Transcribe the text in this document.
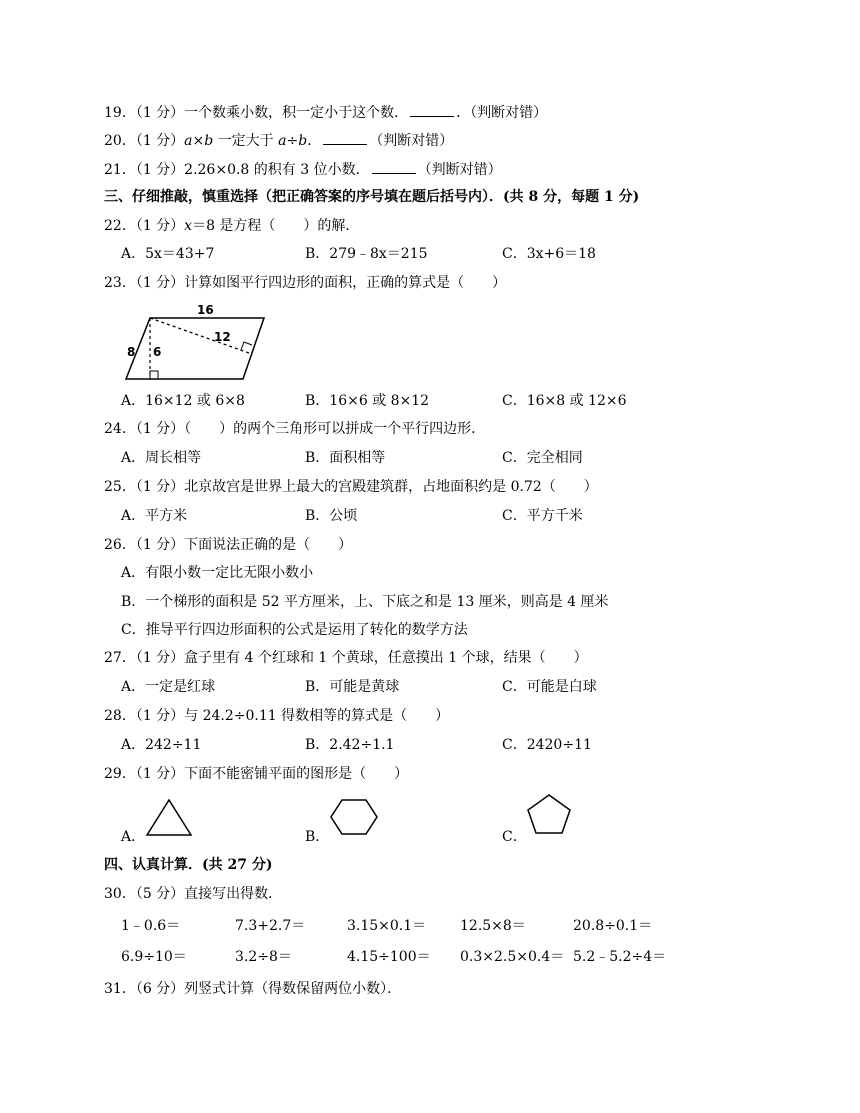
19．（1 分）一个数乘小数，积一定小于这个数．	．（判断对错）
20．（1 分）a×b 一定大于 a÷b．	（判断对错）
21．（1 分）2.26×0.8 的积有 3 位小数．	（判断对错）
三、仔细推敲，慎重选择（把正确答案的序号填在题后括号内）．(共 8 分，每题 1 分)
22．（1 分）x＝8 是方程（　　）的解．
A．5x＝43+7	B．279﹣8x＝215	C．3x+6＝18
23．（1 分）计算如图平行四边形的面积，正确的算式是（　　）
16
12
8 6
A．16×12 或 6×8	B．16×6 或 8×12	C．16×8 或 12×6
24．（1 分）（　　）的两个三角形可以拼成一个平行四边形．
A．周长相等	B．面积相等	C．完全相同
25．（1 分）北京故宫是世界上最大的宫殿建筑群，占地面积约是 0.72（　　）
A．平方米	B．公顷	C．平方千米
26．（1 分）下面说法正确的是（　　）
A．有限小数一定比无限小数小
B．一个梯形的面积是 52 平方厘米，上、下底之和是 13 厘米，则高是 4 厘米
C．推导平行四边形面积的公式是运用了转化的数学方法
27．（1 分）盒子里有 4 个红球和 1 个黄球，任意摸出 1 个球，结果（　　）
A．一定是红球	B．可能是黄球	C．可能是白球
28．（1 分）与 24.2÷0.11 得数相等的算式是（　　）
A．242÷11	B．2.42÷1.1	C．2420÷11
29．（1 分）下面不能密铺平面的图形是（　　）
A．	B．	C．
四、认真计算．(共 27 分)
30．（5 分）直接写出得数．
1﹣0.6＝	7.3+2.7＝	3.15×0.1＝ 12.5×8＝	20.8÷0.1＝
6.9÷10＝	3.2÷8＝	4.15÷100＝ 0.3×2.5×0.4＝ 5.2﹣5.2÷4＝
31．（6 分）列竖式计算（得数保留两位小数）．
